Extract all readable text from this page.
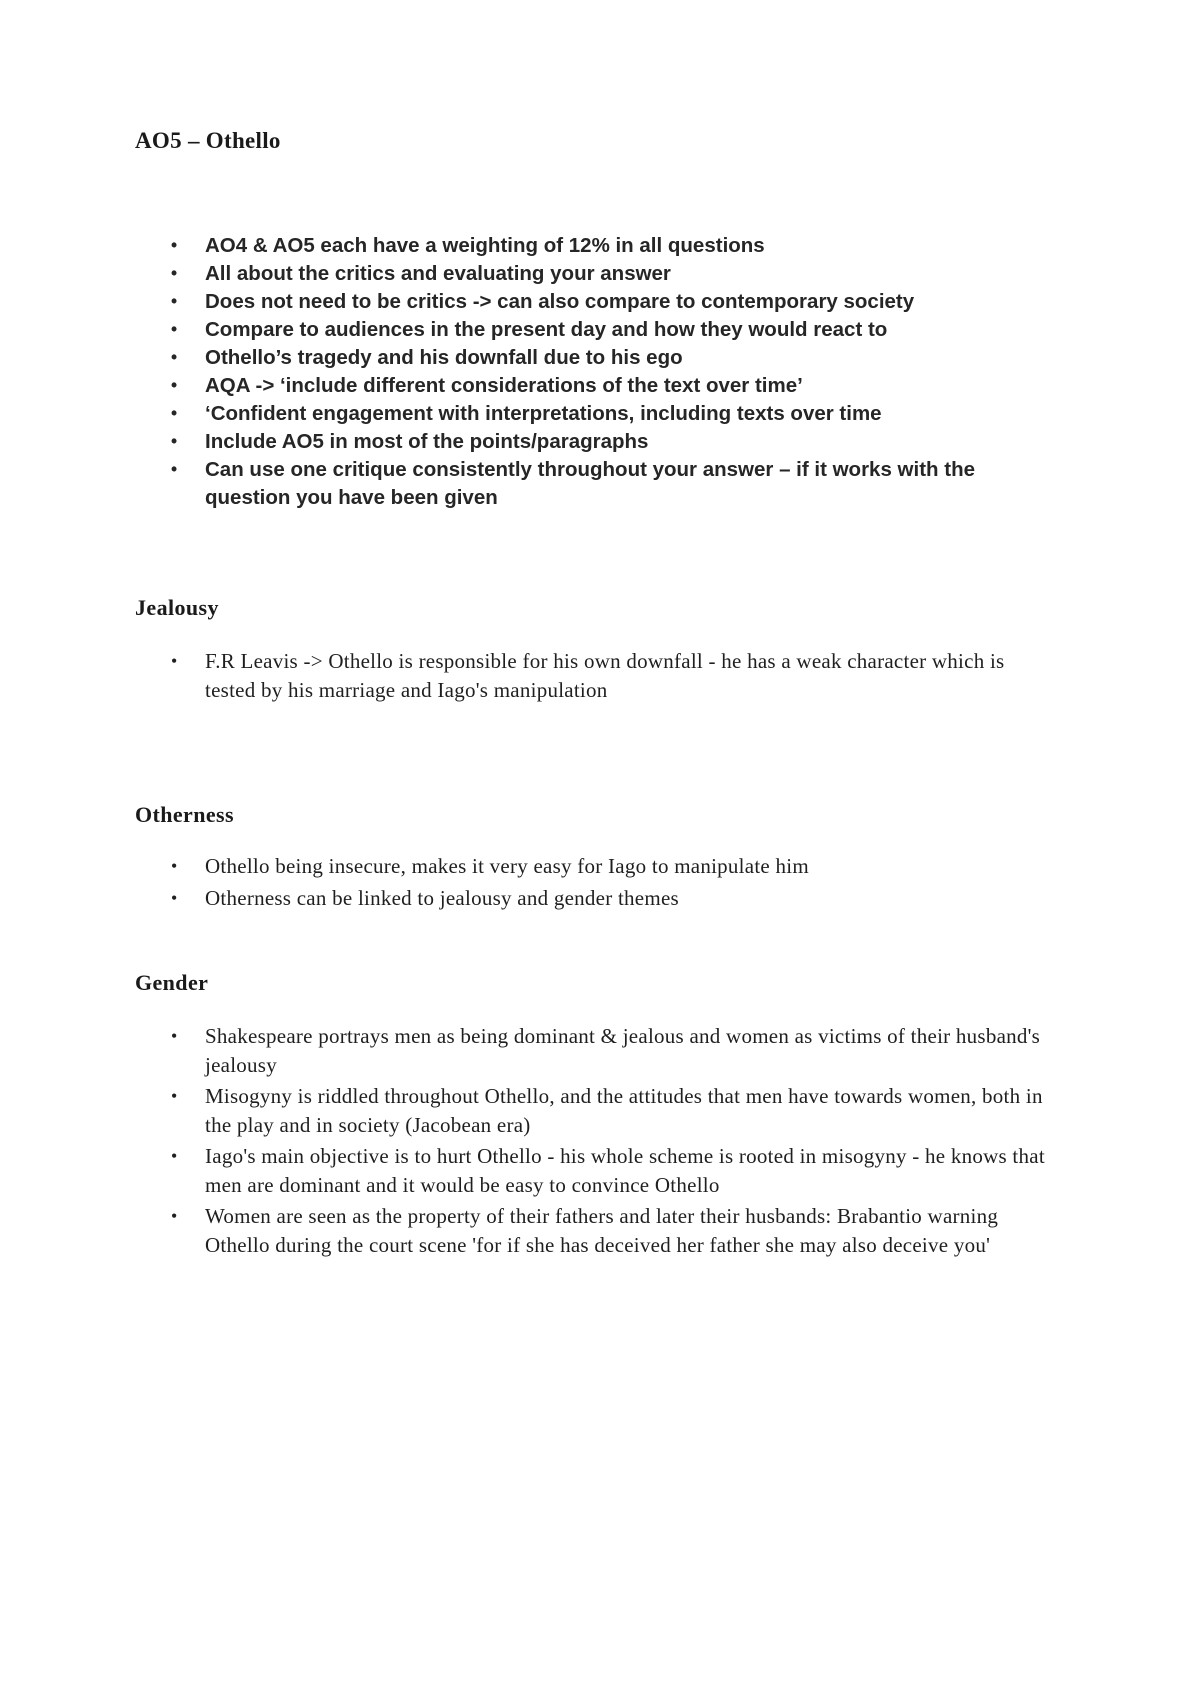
AO5 – Othello
• AO4 & AO5 each have a weighting of 12% in all questions
• All about the critics and evaluating your answer
• Does not need to be critics -> can also compare to contemporary society
• Compare to audiences in the present day and how they would react to
• Othello’s tragedy and his downfall due to his ego
• AQA -> ‘include different considerations of the text over time’
• ‘Confident engagement with interpretations, including texts over time
• Include AO5 in most of the points/paragraphs
• Can use one critique consistently throughout your answer – if it works with the question you have been given
Jealousy
• F.R Leavis -> Othello is responsible for his own downfall - he has a weak character which is tested by his marriage and Iago's manipulation
Otherness
• Othello being insecure, makes it very easy for Iago to manipulate him
• Otherness can be linked to jealousy and gender themes
Gender
• Shakespeare portrays men as being dominant & jealous and women as victims of their husband's jealousy
• Misogyny is riddled throughout Othello, and the attitudes that men have towards women, both in the play and in society (Jacobean era)
• Iago's main objective is to hurt Othello - his whole scheme is rooted in misogyny - he knows that men are dominant and it would be easy to convince Othello
• Women are seen as the property of their fathers and later their husbands: Brabantio warning Othello during the court scene 'for if she has deceived her father she may also deceive you'
